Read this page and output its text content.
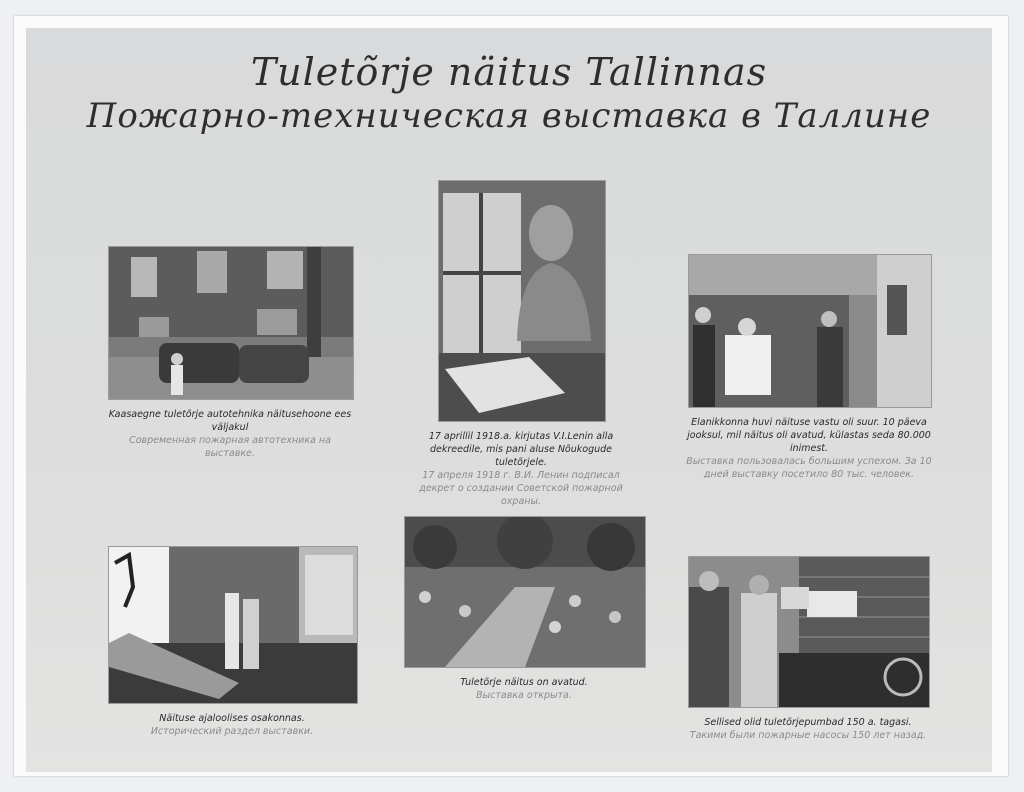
Tuletõrje näitus Tallinnas
Пожарно-техническая выставка в Таллине
Kaasaegne tuletõrje autotehnika näitusehoone ees väljakul
Современная пожарная автотехника на выставке.
17 aprillil 1918.a. kirjutas V.I.Lenin alla dekreedile, mis pani aluse Nõukogude tuletõrjele.
17 апреля 1918 г. В.И. Ленин подписал декрет о создании Советской пожарной охраны.
Elanikkonna huvi näituse vastu oli suur. 10 päeva jooksul, mil näitus oli avatud, külastas seda 80.000 inimest.
Выставка пользовалась большим успехом. За 10 дней выставку посетило 80 тыс. человек.
Näituse ajaloolises osakonnas.
Исторический раздел выставки.
Tuletõrje näitus on avatud.
Выставка открыта.
Sellised olid tuletõrjepumbad 150 a. tagasi.
Такими были пожарные насосы 150 лет назад.
